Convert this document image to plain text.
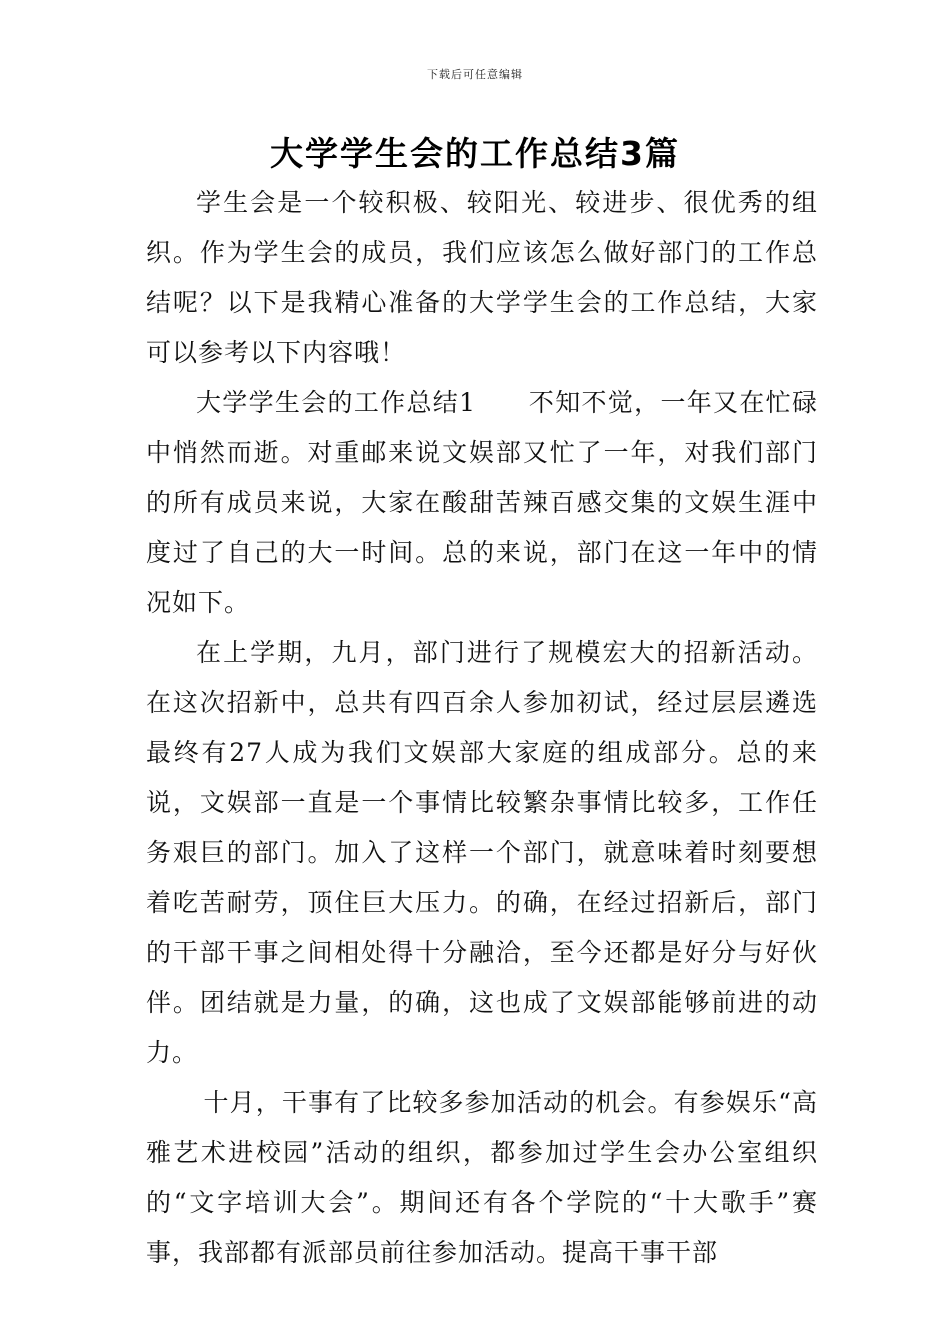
下载后可任意编辑
大学学生会的工作总结3篇

学生会是一个较积极、较阳光、较进步、很优秀的组织。作为学生会的成员，我们应该怎么做好部门的工作总结呢？以下是我精心准备的大学学生会的工作总结，大家可以参考以下内容哦！

大学学生会的工作总结1　　不知不觉，一年又在忙碌中悄然而逝。对重邮来说文娱部又忙了一年，对我们部门的所有成员来说，大家在酸甜苦辣百感交集的文娱生涯中度过了自己的大一时间。总的来说，部门在这一年中的情况如下。

在上学期，九月，部门进行了规模宏大的招新活动。在这次招新中，总共有四百余人参加初试，经过层层遴选最终有27人成为我们文娱部大家庭的组成部分。总的来说，文娱部一直是一个事情比较繁杂事情比较多，工作任务艰巨的部门。加入了这样一个部门，就意味着时刻要想着吃苦耐劳，顶住巨大压力。的确，在经过招新后，部门的干部干事之间相处得十分融洽，至今还都是好分与好伙伴。团结就是力量，的确，这也成了文娱部能够前进的动力。

十月，干事有了比较多参加活动的机会。有参娱乐“高雅艺术进校园”活动的组织，都参加过学生会办公室组织的“文字培训大会”。期间还有各个学院的“十大歌手”赛事，我部都有派部员前往参加活动。提高干事干部
